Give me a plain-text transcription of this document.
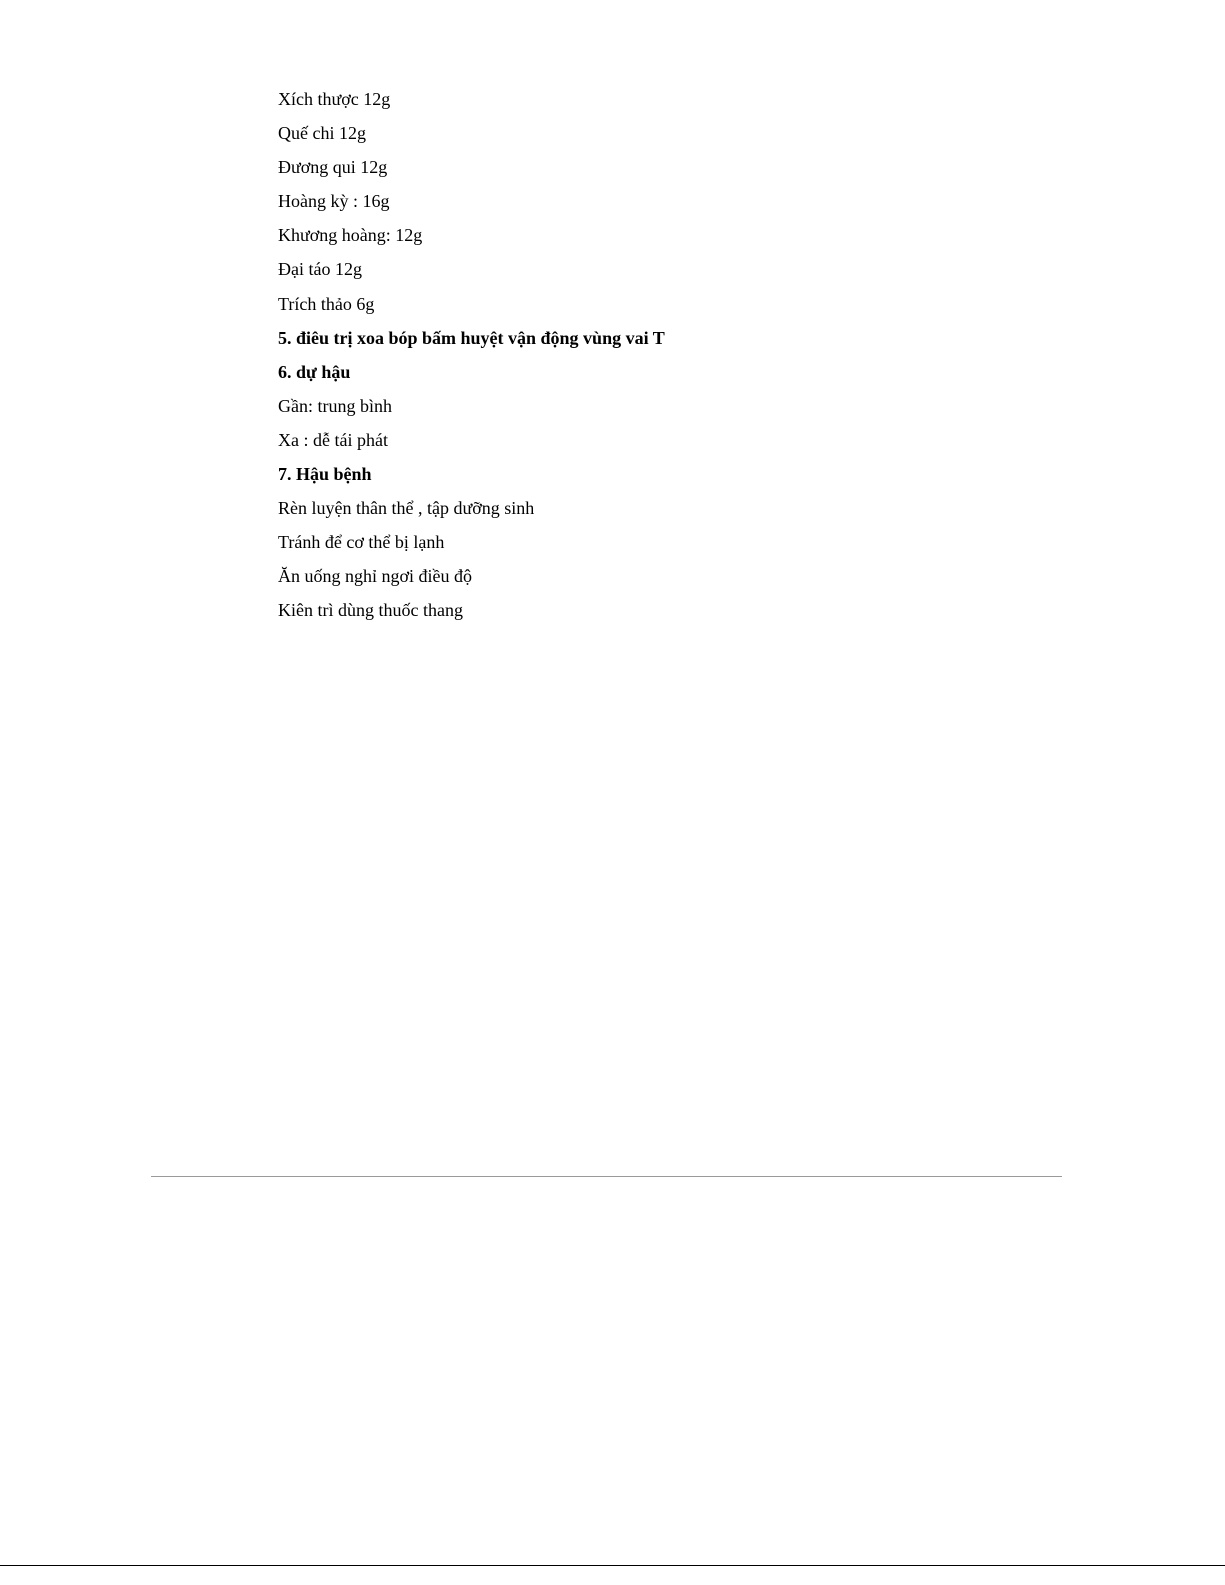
Xích thược 12g
Quế chi 12g
Đương qui 12g
Hoàng kỳ : 16g
Khương hoàng: 12g
Đại táo 12g
Trích thảo 6g
5. điêu trị xoa bóp bấm huyệt vận động vùng vai T
6. dự hậu
Gần: trung bình
Xa : dễ tái phát
7. Hậu bệnh
Rèn luyện thân thể , tập dưỡng sinh
Tránh để cơ thể bị lạnh
Ăn uống nghỉ ngơi điều độ
Kiên trì dùng thuốc thang
